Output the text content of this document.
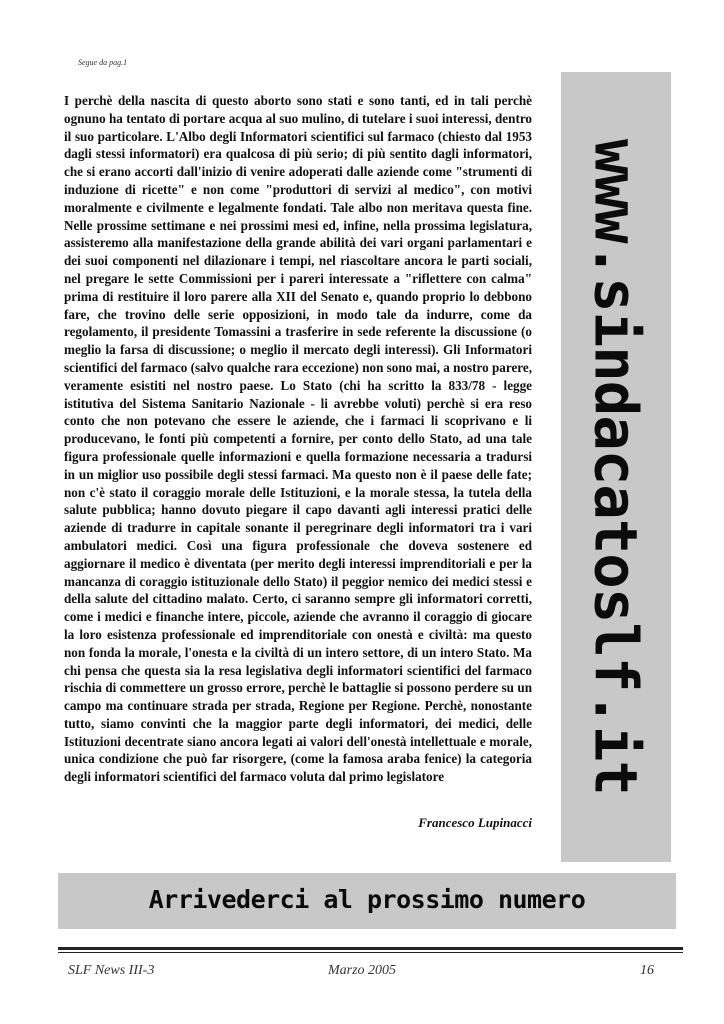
Segue da pag.1

I perchè della nascita di questo aborto sono stati e sono tanti, ed in tali perchè ognuno ha tentato di portare acqua al suo mulino, di tutelare i suoi interessi, dentro il suo particolare. L'Albo degli Informatori scientifici sul farmaco (chiesto dal 1953 dagli stessi informatori) era qualcosa di più serio; di più sentito dagli informatori, che si erano accorti dall'inizio di venire adoperati dalle aziende come "strumenti di induzione di ricette" e non come "produttori di servizi al medico", con motivi moralmente e civilmente e legalmente fondati. Tale albo non meritava questa fine. Nelle prossime settimane e nei prossimi mesi ed, infine, nella prossima legislatura, assisteremo alla manifestazione della grande abilità dei vari organi parlamentari e dei suoi componenti nel dilazionare i tempi, nel riascoltare ancora le parti sociali, nel pregare le sette Commissioni per i pareri interessate a "riflettere con calma" prima di restituire il loro parere alla XII del Senato e, quando proprio lo debbono fare, che trovino delle serie opposizioni, in modo tale da indurre, come da regolamento, il presidente Tomassini a trasferire in sede referente la discussione (o meglio la farsa di discussione; o meglio il mercato degli interessi). Gli Informatori scientifici del farmaco (salvo qualche rara eccezione) non sono mai, a nostro parere, veramente esistiti nel nostro paese. Lo Stato (chi ha scritto la 833/78 - legge istitutiva del Sistema Sanitario Nazionale - li avrebbe voluti) perchè si era reso conto che non potevano che essere le aziende, che i farmaci li scoprivano e li producevano, le fonti più competenti a fornire, per conto dello Stato, ad una tale figura professionale quelle informazioni e quella formazione necessaria a tradursi in un miglior uso possibile degli stessi farmaci. Ma questo non è il paese delle fate; non c'è stato il coraggio morale delle Istituzioni, e la morale stessa, la tutela della salute pubblica; hanno dovuto piegare il capo davanti agli interessi pratici delle aziende di tradurre in capitale sonante il peregrinare degli informatori tra i vari ambulatori medici. Così una figura professionale che doveva sostenere ed aggiornare il medico è diventata (per merito degli interessi imprenditoriali e per la mancanza di coraggio istituzionale dello Stato) il peggior nemico dei medici stessi e della salute del cittadino malato. Certo, ci saranno sempre gli informatori corretti, come i medici e finanche intere, piccole, aziende che avranno il coraggio di giocare la loro esistenza professionale ed imprenditoriale con onestà e civiltà: ma questo non fonda la morale, l'onesta e la civiltà di un intero settore, di un intero Stato. Ma chi pensa che questa sia la resa legislativa degli informatori scientifici del farmaco rischia di commettere un grosso errore, perchè le battaglie si possono perdere su un campo ma continuare strada per strada, Regione per Regione. Perchè, nonostante tutto, siamo convinti che la maggior parte degli informatori, dei medici, delle Istituzioni decentrate siano ancora legati ai valori dell'onestà intellettuale e morale, unica condizione che può far risorgere, (come la famosa araba fenice) la categoria degli informatori scientifici del farmaco voluta dal primo legislatore

Francesco Lupinacci
www.sindacatoslf.it
Arrivederci al prossimo numero
SLF News III-3	Marzo 2005	16
